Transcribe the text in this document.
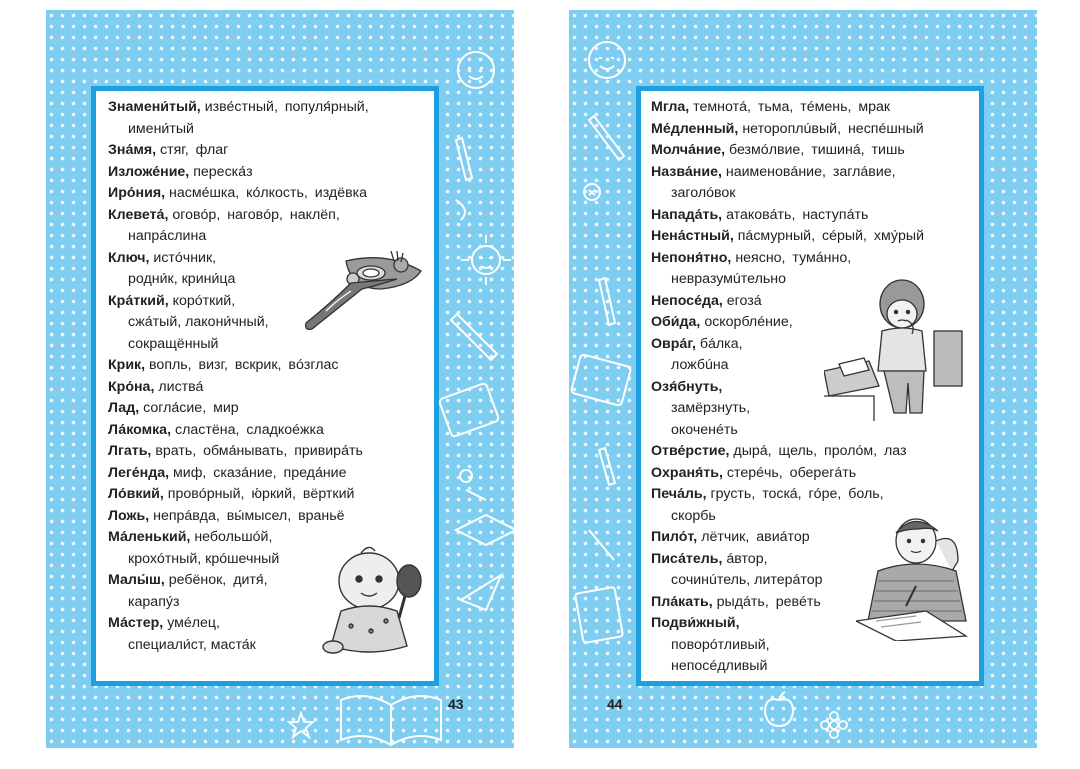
Знамени́тый, изве́стный, популя́рный,
имени́тый
Зна́мя, стяг, флаг
Изложе́ние, переска́з
Иро́ния, насме́шка, ко́лкость, издёвка
Клевета́, оговóр, наговóр, наклёп,
напрáслина
Ключ, истóчник,
родни́к, крини́ца
Кра́ткий, корóткий,
сжа́тый, лакони́чный,
сокращённый
Крик, вопль, визг, вскрик, вóзглас
Кро́на, листва́
Лад, согла́сие, мир
Ла́комка, сластёна, сладкоéжка
Лгать, врать, обма́нывать, привира́ть
Леге́нда, миф, сказа́ние, преда́ние
Ло́вкий, провóрный, ю́ркий, вёрткий
Ложь, непрáвда, вы́мысел, враньё
Ма́ленький, небольшóй,
крохóтный, крóшечный
Малы́ш, ребёнок, дитя́,
карапу́з
Ма́стер, умéлец,
специали́ст, маста́к
43
Мгла, темнотá, тьма, тéмень, мрак
Ме́дленный, нетороплúвый, неспéшный
Молча́ние, безмóлвие, тишинá, тишь
Назва́ние, наименовáние, заглáвие,
заголóвок
Напада́ть, атаковáть, наступáть
Нена́стный, пáсмурный, сéрый, хму́рый
Непоня́тно, неясно, тумáнно,
невразумúтельно
Непосе́да, егозá
Оби́да, оскорблéние,
Овра́г, бáлка,
ложбúна
Озя́бнуть,
замёрзнуть,
окоченéть
Отве́рстие, дырá, щель, пролóм, лаз
Охраня́ть, стерéчь, оберегáть
Печа́ль, грусть, тоскá, гóре, боль,
скорбь
Пило́т, лётчик, авиáтор
Писа́тель, áвтор,
сочинúтель, литерáтор
Пла́кать, рыдáть, ревéть
Подви́жный,
поворóтливый,
непосéдливый
44
